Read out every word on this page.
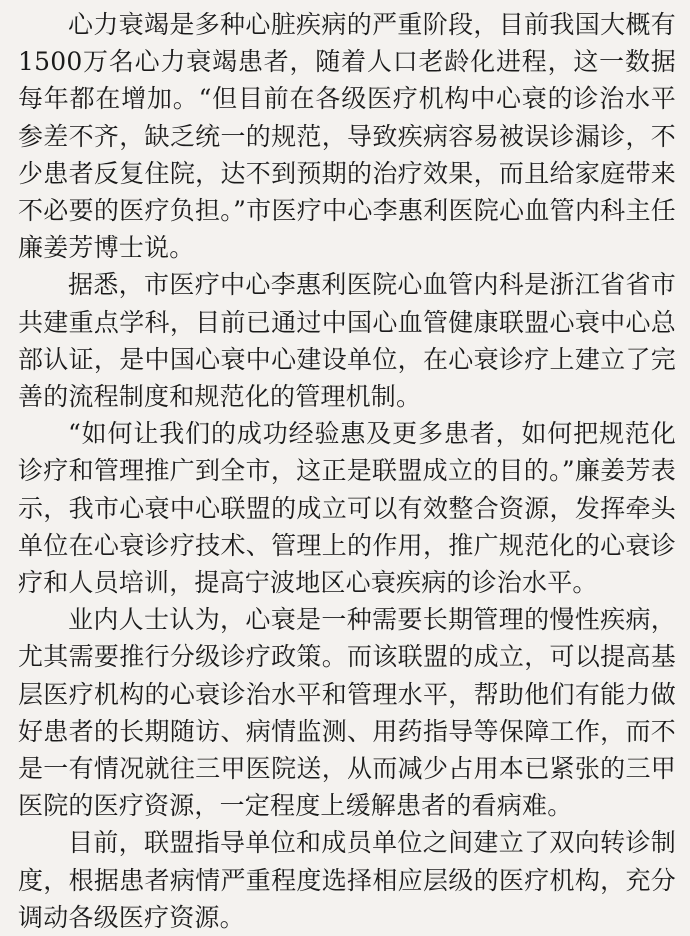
心力衰竭是多种心脏疾病的严重阶段，目前我国大概有1500万名心力衰竭患者，随着人口老龄化进程，这一数据每年都在增加。“但目前在各级医疗机构中心衰的诊治水平参差不齐，缺乏统一的规范，导致疾病容易被误诊漏诊，不少患者反复住院，达不到预期的治疗效果，而且给家庭带来不必要的医疗负担。”市医疗中心李惠利医院心血管内科主任廉姜芳博士说。

据悉，市医疗中心李惠利医院心血管内科是浙江省省市共建重点学科，目前已通过中国心血管健康联盟心衰中心总部认证，是中国心衰中心建设单位，在心衰诊疗上建立了完善的流程制度和规范化的管理机制。

“如何让我们的成功经验惠及更多患者，如何把规范化诊疗和管理推广到全市，这正是联盟成立的目的。”廉姜芳表示，我市心衰中心联盟的成立可以有效整合资源，发挥牵头单位在心衰诊疗技术、管理上的作用，推广规范化的心衰诊疗和人员培训，提高宁波地区心衰疾病的诊治水平。

业内人士认为，心衰是一种需要长期管理的慢性疾病，尤其需要推行分级诊疗政策。而该联盟的成立，可以提高基层医疗机构的心衰诊治水平和管理水平，帮助他们有能力做好患者的长期随访、病情监测、用药指导等保障工作，而不是一有情况就往三甲医院送，从而减少占用本已紧张的三甲医院的医疗资源，一定程度上缓解患者的看病难。

目前，联盟指导单位和成员单位之间建立了双向转诊制度，根据患者病情严重程度选择相应层级的医疗机构，充分调动各级医疗资源。
